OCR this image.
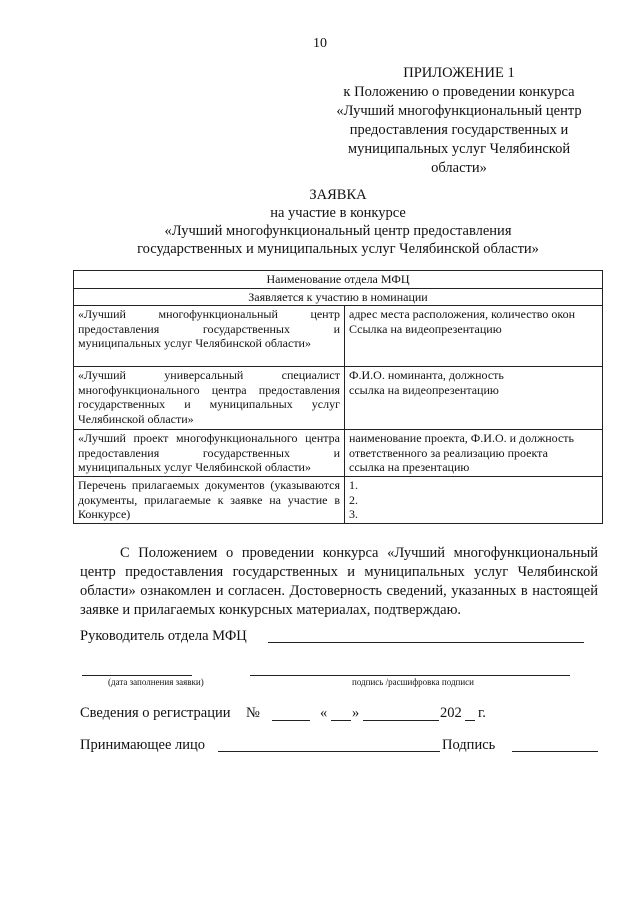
10
ПРИЛОЖЕНИЕ 1
к Положению о проведении конкурса
«Лучший многофункциональный центр
предоставления государственных и
муниципальных услуг Челябинской
области»
ЗАЯВКА
на участие в конкурсе
«Лучший многофункциональный центр предоставления
государственных и муниципальных услуг Челябинской области»
Наименование отдела МФЦ	
Заявляется к участию в номинации	
«Лучший многофункциональный центр предоставления государственных и муниципальных услуг Челябинской области»	адрес места расположения, количество окон
Ссылка на видеопрезентацию

«Лучший универсальный специалист многофункционального центра предоставления государственных и муниципальных услуг Челябинской области»	Ф.И.О. номинанта, должность
ссылка на видеопрезентацию

«Лучший проект многофункционального центра предоставления государственных и муниципальных услуг Челябинской области»	наименование проекта, Ф.И.О. и должность
ответственного за реализацию проекта
ссылка на презентацию

Перечень прилагаемых документов (указываются документы, прилагаемые к заявке на участие в Конкурсе)	1.
2.
3.
С Положением о проведении конкурса «Лучший многофункциональный центр предоставления государственных и муниципальных услуг Челябинской области» ознакомлен и согласен. Достоверность сведений, указанных в настоящей заявке и прилагаемых конкурсных материалах, подтверждаю.
Руководитель отдела МФЦ
(дата заполнения заявки)	подпись /расшифровка подписи
Сведения о регистрации №	« »	202 г.
Принимающее лицо	Подпись
